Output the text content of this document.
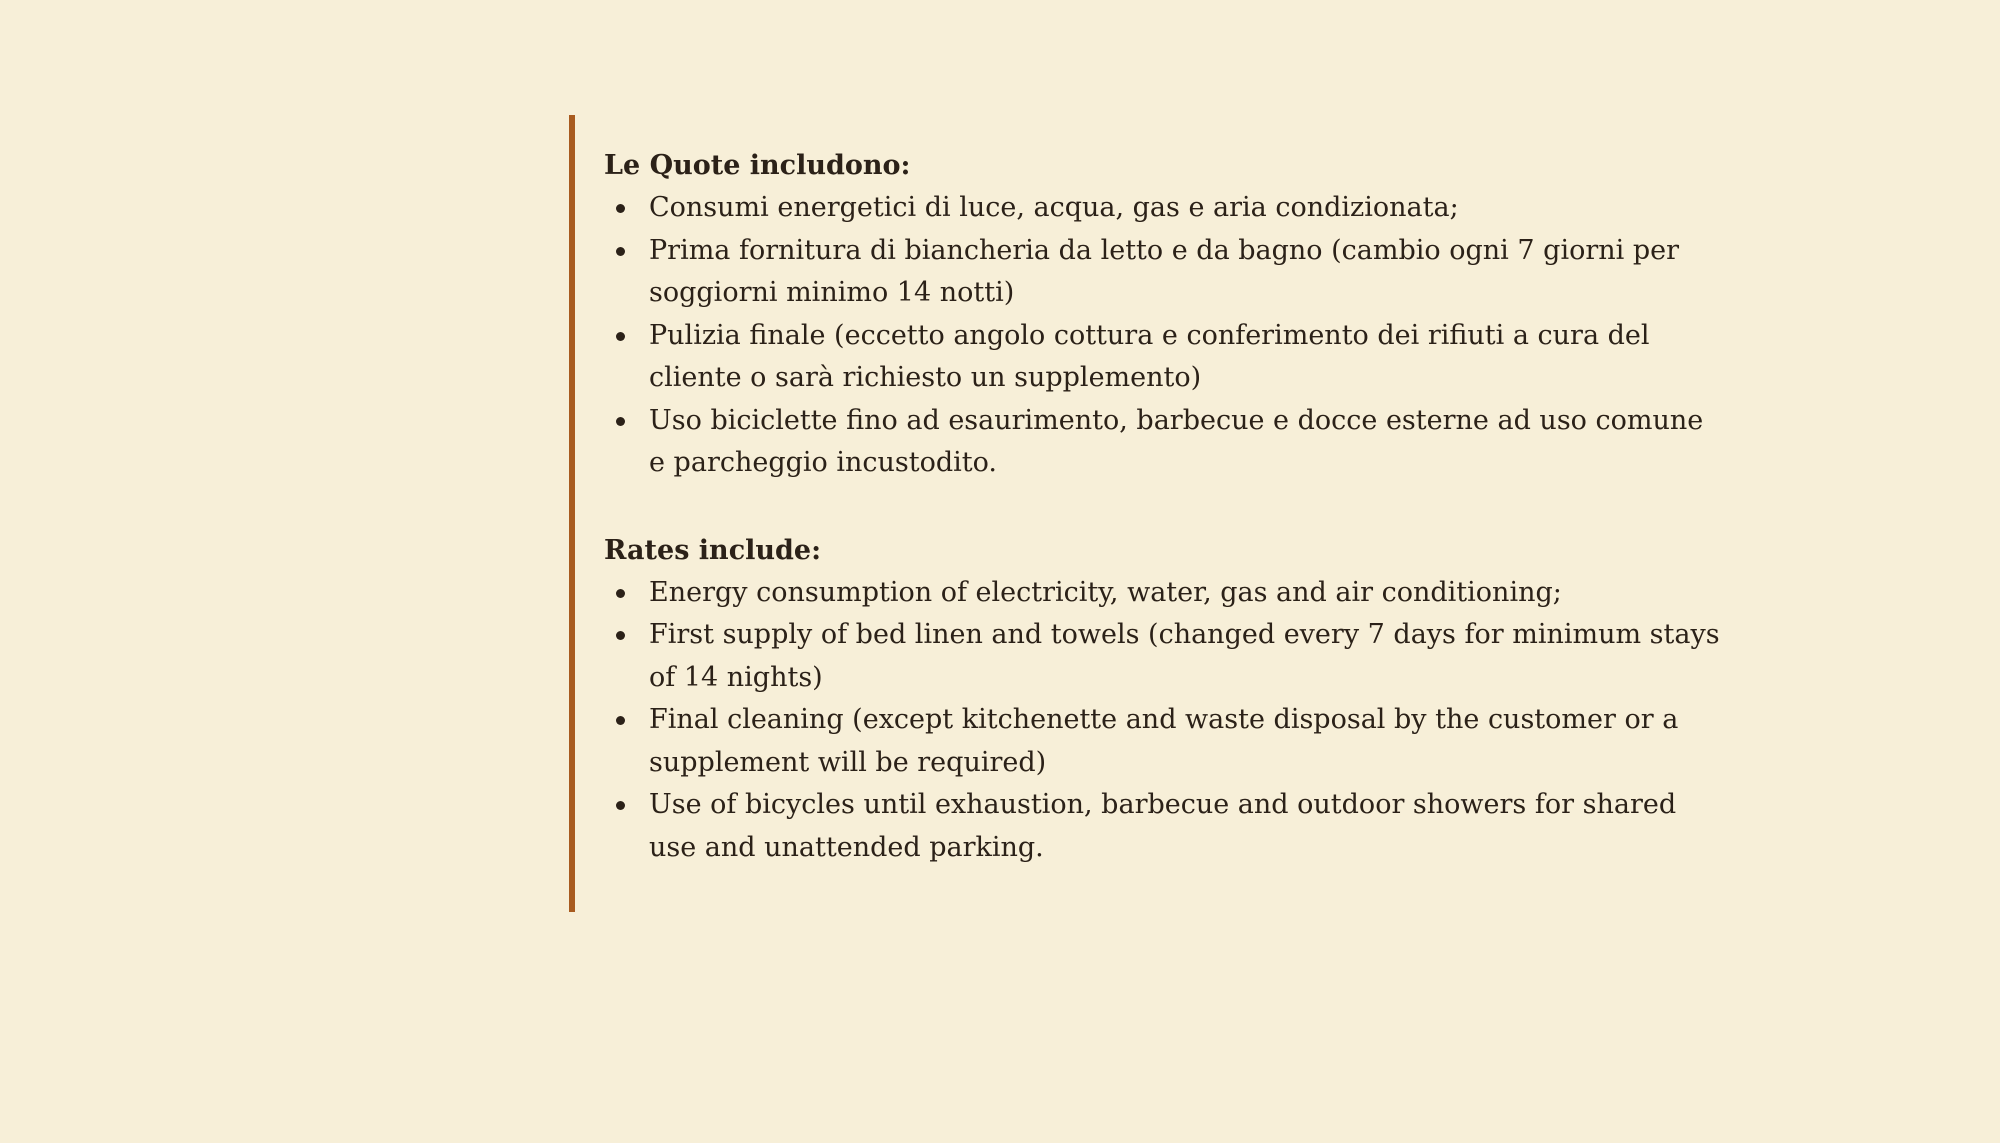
Le Quote includono:
Consumi energetici di luce, acqua, gas e aria condizionata;
Prima fornitura di biancheria da letto e da bagno (cambio ogni 7 giorni per soggiorni minimo 14 notti)
Pulizia finale (eccetto angolo cottura e conferimento dei rifiuti a cura del cliente o sarà richiesto un supplemento)
Uso biciclette fino ad esaurimento, barbecue e docce esterne ad uso comune e parcheggio incustodito.
Rates include:
Energy consumption of electricity, water, gas and air conditioning;
First supply of bed linen and towels (changed every 7 days for minimum stays of 14 nights)
Final cleaning (except kitchenette and waste disposal by the customer or a supplement will be required)
Use of bicycles until exhaustion, barbecue and outdoor showers for shared use and unattended parking.
